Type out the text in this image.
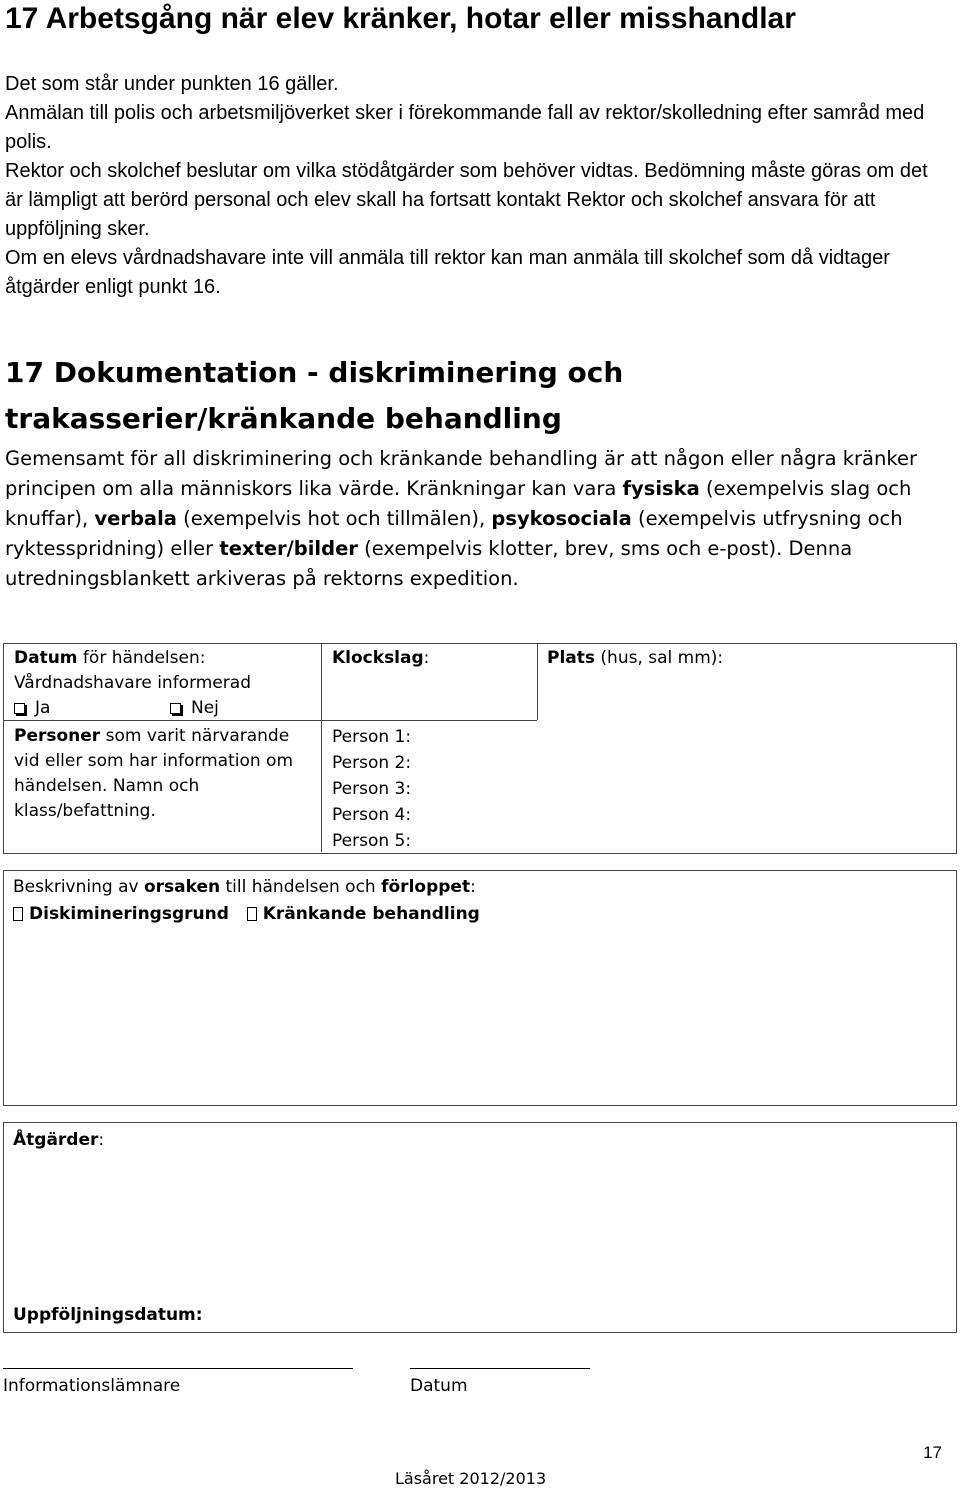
17 Arbetsgång när elev kränker, hotar eller misshandlar

Det som står under punkten 16 gäller.

Anmälan till polis och arbetsmiljöverket sker i förekommande fall av rektor/skolledning efter samråd med polis.

Rektor och skolchef beslutar om vilka stödåtgärder som behöver vidtas. Bedömning måste göras om det är lämpligt att berörd personal och elev skall ha fortsatt kontakt Rektor och skolchef ansvara för att uppföljning sker.

Om en elevs vårdnadshavare inte vill anmäla till rektor kan man anmäla till skolchef som då vidtager åtgärder enligt punkt 16.

17 Dokumentation - diskriminering och
trakasserier/kränkande behandling
Gemensamt för all diskriminering och kränkande behandling är att någon eller några kränker principen om alla människors lika värde. Kränkningar kan vara fysiska (exempelvis slag och knuffar), verbala (exempelvis hot och tillmälen), psykosociala (exempelvis utfrysning och ryktesspridning) eller texter/bilder (exempelvis klotter, brev, sms och e-post). Denna utredningsblankett arkiveras på rektorns expedition.
Datum för händelsen:
Vårdnadshavare informerad
Ja	Nej
Klockslag:	Plats (hus, sal mm):
Personer som varit närvarande vid eller som har information om händelsen. Namn och klass/befattning.
Person 1:
Person 2:
Person 3:
Person 4:
Person 5:
Beskrivning av orsaken till händelsen och förloppet:
Diskimineringsgrund Kränkande behandling
Åtgärder:
Uppföljningsdatum:
Informationslämnare	Datum
17
Läsåret 2012/2013
